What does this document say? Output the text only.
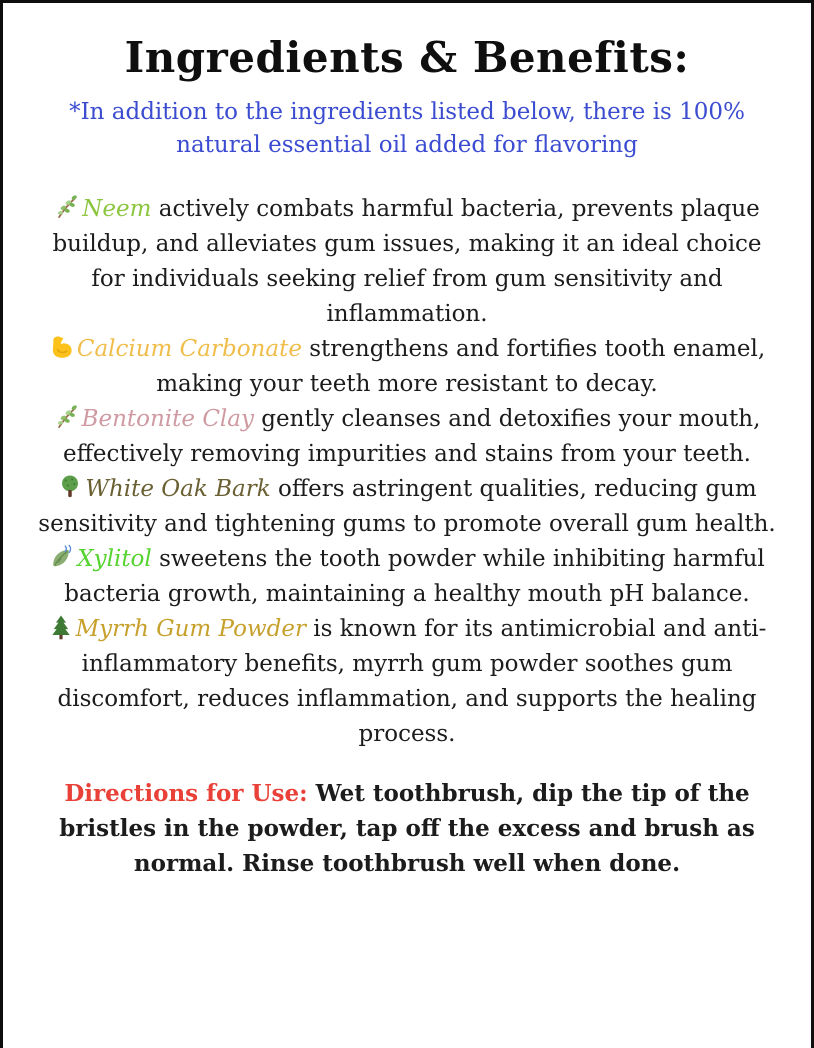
Ingredients & Benefits:

*In addition to the ingredients listed below, there is 100% natural essential oil added for flavoring

Neem actively combats harmful bacteria, prevents plaque buildup, and alleviates gum issues, making it an ideal choice for individuals seeking relief from gum sensitivity and inflammation.

Calcium Carbonate strengthens and fortifies tooth enamel, making your teeth more resistant to decay.

Bentonite Clay gently cleanses and detoxifies your mouth, effectively removing impurities and stains from your teeth.

White Oak Bark offers astringent qualities, reducing gum sensitivity and tightening gums to promote overall gum health.

Xylitol sweetens the tooth powder while inhibiting harmful bacteria growth, maintaining a healthy mouth pH balance.

Myrrh Gum Powder is known for its antimicrobial and anti-inflammatory benefits, myrrh gum powder soothes gum discomfort, reduces inflammation, and supports the healing process.

Directions for Use: Wet toothbrush, dip the tip of the bristles in the powder, tap off the excess and brush as normal. Rinse toothbrush well when done.
